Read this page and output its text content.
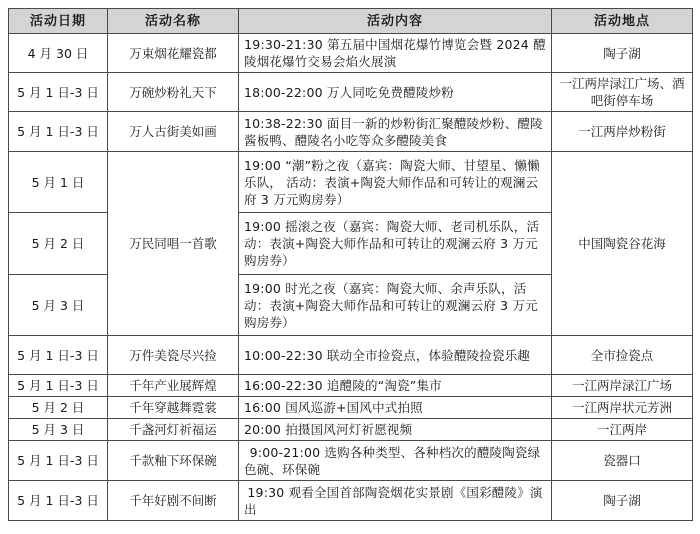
活动日期	活动名称	活动内容	活动地点
4 月 30 日	万束烟花耀瓷都	19:30-21:30 第五届中国烟花爆竹博览会暨 2024 醴陵烟花爆竹交易会焰火展演	陶子湖
5 月 1 日-3 日	万碗炒粉礼天下	18:00-22:00 万人同吃免费醴陵炒粉	一江两岸渌江广场、酒吧街停车场
5 月 1 日-3 日	万人古街美如画	10:38-22:30 面目一新的炒粉街汇聚醴陵炒粉、醴陵酱板鸭、醴陵名小吃等众多醴陵美食	一江两岸炒粉街
5 月 1 日	万民同唱一首歌	19:00 “潮”粉之夜（嘉宾：陶瓷大师、甘望星、懒懒乐队， 活动：表演+陶瓷大师作品和可转让的观澜云府 3 万元购房券）	中国陶瓷谷花海
5 月 2 日		19:00 摇滚之夜（嘉宾：陶瓷大师、老司机乐队，活动：表演+陶瓷大师作品和可转让的观澜云府 3 万元购房券）	
5 月 3 日		19:00 时光之夜（嘉宾：陶瓷大师、余声乐队，活动：表演+陶瓷大师作品和可转让的观澜云府 3 万元购房券）	
5 月 1 日-3 日	万件美瓷尽兴捡	10:00-22:30 联动全市捡瓷点，体验醴陵捡瓷乐趣	全市捡瓷点
5 月 1 日-3 日	千年产业展辉煌	16:00-22:30 追醴陵的“淘瓷”集市	一江两岸渌江广场
5 月 2 日	千年穿越舞霓裳	16:00 国风巡游+国风中式拍照	一江两岸状元芳洲
5 月 3 日	千盏河灯祈福运	20:00 拍摄国风河灯祈愿视频	一江两岸
5 月 1 日-3 日	千款釉下环保碗	9:00-21:00 选购各种类型、各种档次的醴陵陶瓷绿色碗、环保碗	瓷器口
5 月 1 日-3 日	千年好剧不间断	19:30 观看全国首部陶瓷烟花实景剧《国彩醴陵》演出	陶子湖
